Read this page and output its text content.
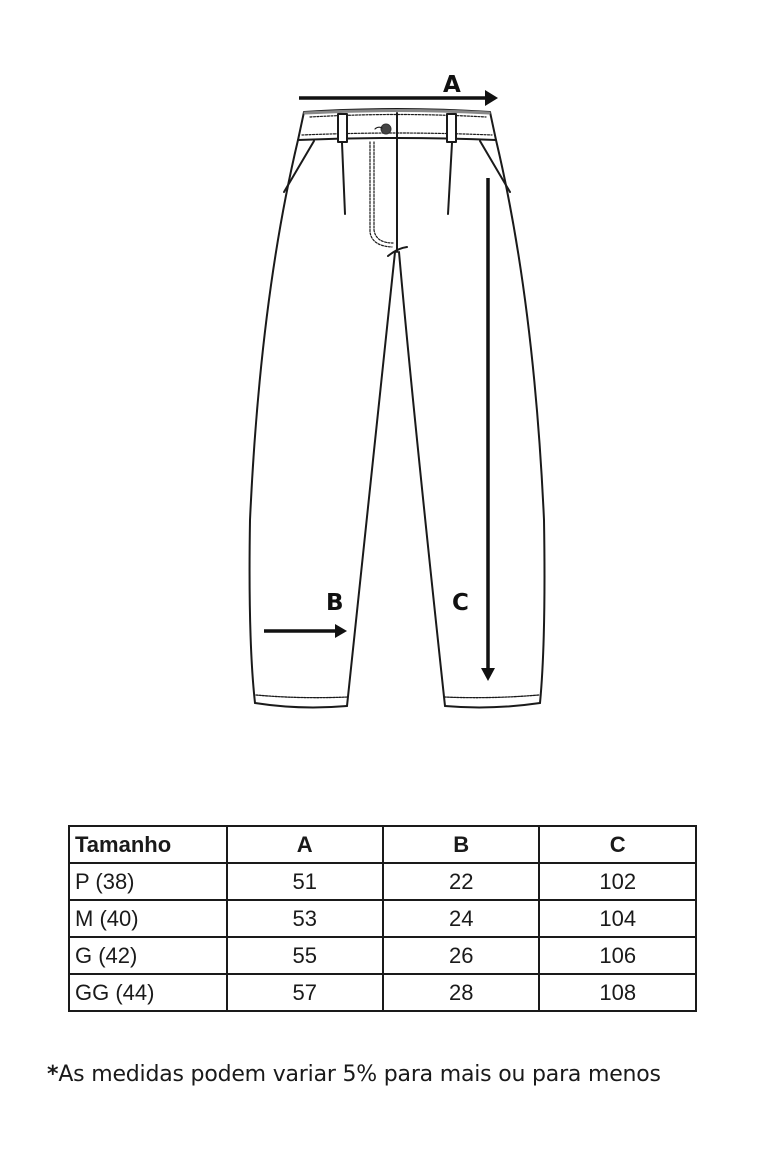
A
C
B
Tamanho	A	B	C
P (38)	51	22	102
M (40)	53	24	104
G (42)	55	26	106
GG (44)	57	28	108
*As medidas podem variar 5% para mais ou para menos
